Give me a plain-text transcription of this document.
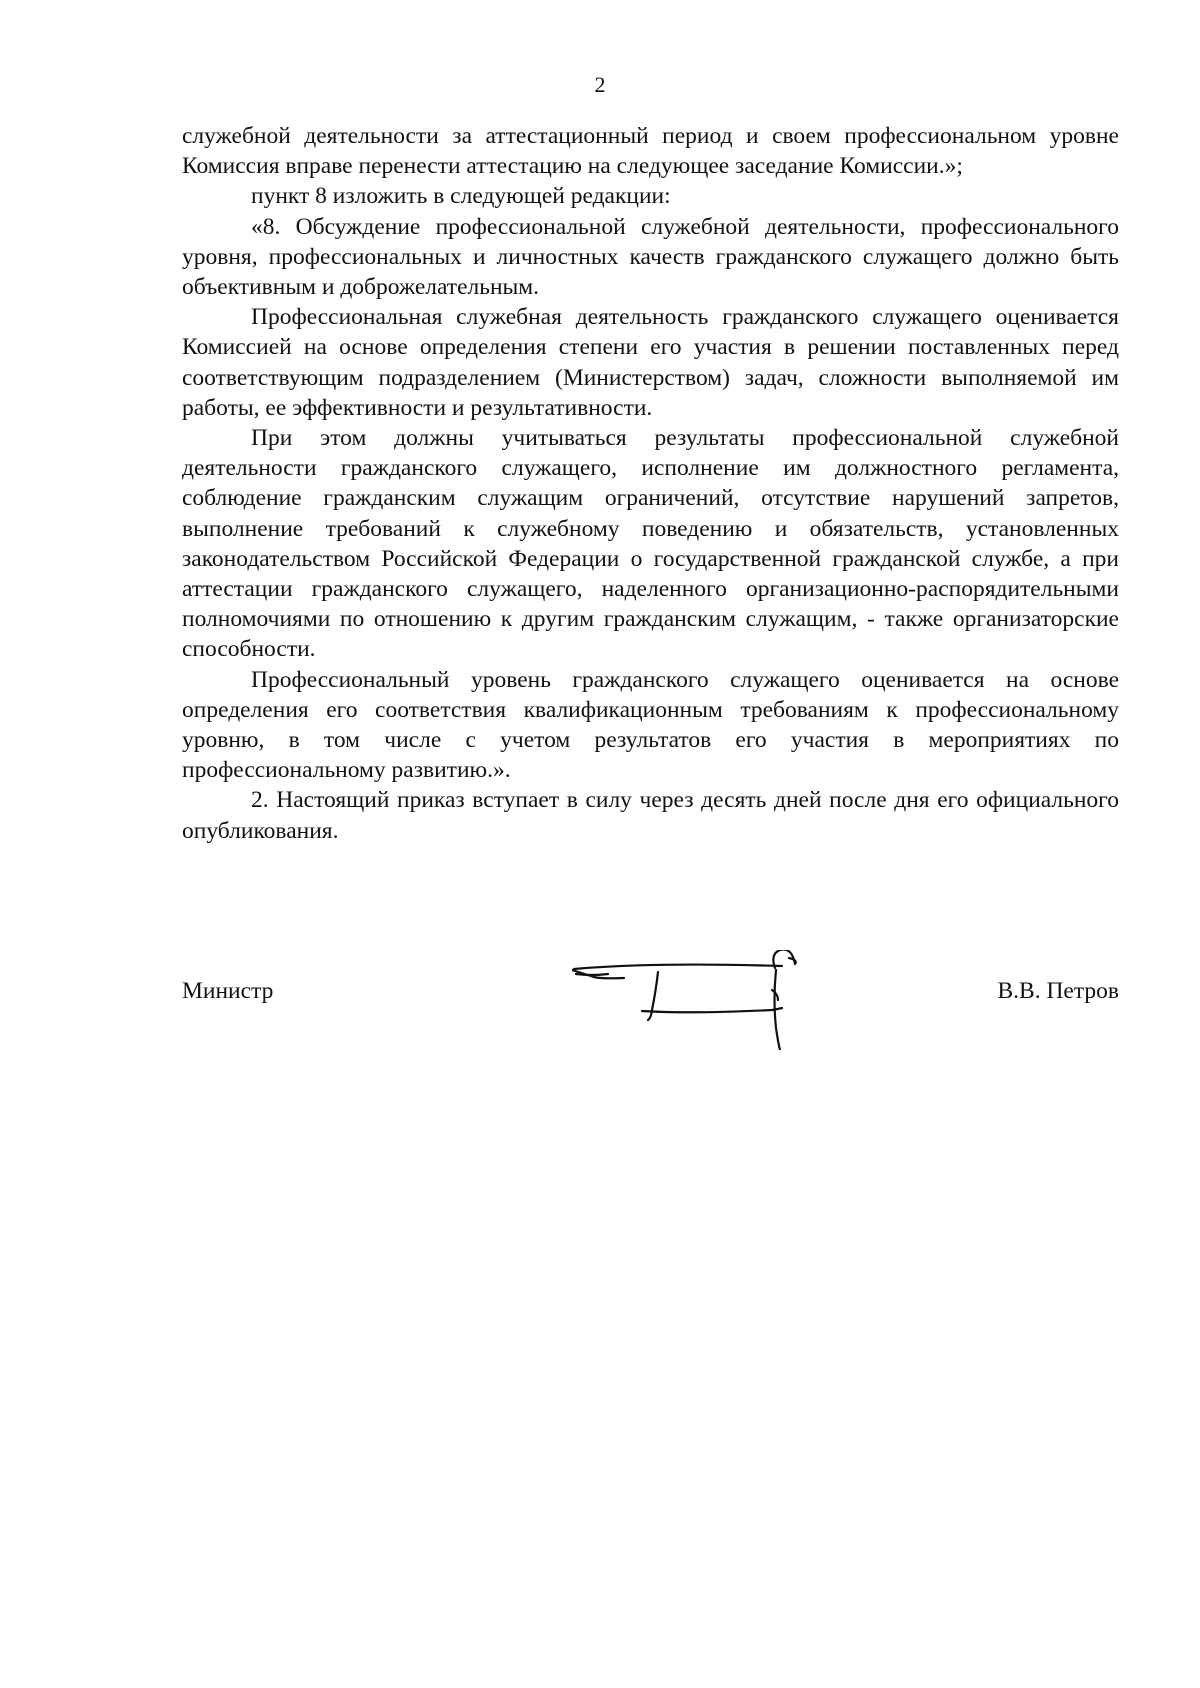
2

служебной деятельности за аттестационный период и своем профессиональном уровне Комиссия вправе перенести аттестацию на следующее заседание Комиссии.»;

пункт 8 изложить в следующей редакции:

«8. Обсуждение профессиональной служебной деятельности, профессионального уровня, профессиональных и личностных качеств гражданского служащего должно быть объективным и доброжелательным.

Профессиональная служебная деятельность гражданского служащего оценивается Комиссией на основе определения степени его участия в решении поставленных перед соответствующим подразделением (Министерством) задач, сложности выполняемой им работы, ее эффективности и результативности.

При этом должны учитываться результаты профессиональной служебной деятельности гражданского служащего, исполнение им должностного регламента, соблюдение гражданским служащим ограничений, отсутствие нарушений запретов, выполнение требований к служебному поведению и обязательств, установленных законодательством Российской Федерации о государственной гражданской службе, а при аттестации гражданского служащего, наделенного организационно-распорядительными полномочиями по отношению к другим гражданским служащим, - также организаторские способности.

Профессиональный уровень гражданского служащего оценивается на основе определения его соответствия квалификационным требованиям к профессиональному уровню, в том числе с учетом результатов его участия в мероприятиях по профессиональному развитию.».

2. Настоящий приказ вступает в силу через десять дней после дня его официального опубликования.

Министр	В.В. Петров
